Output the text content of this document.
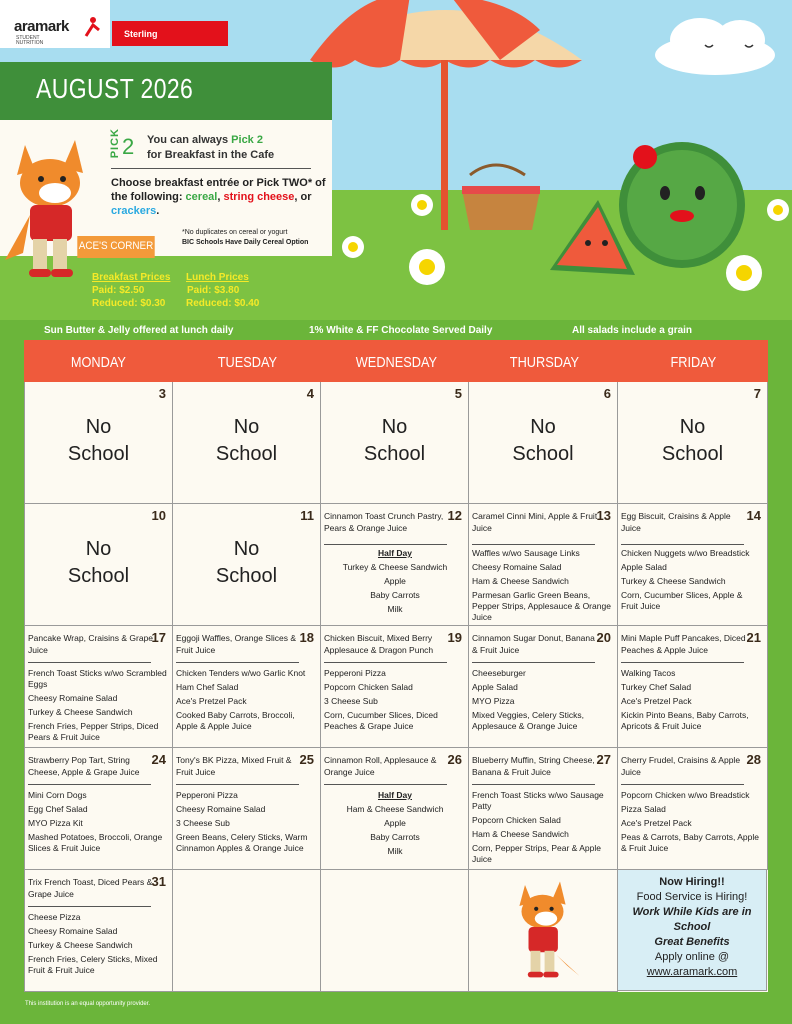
aramark
STUDENT
NUTRITION
Sterling
AUGUST 2026
PICK 2 You can always Pick 2
for Breakfast in the Cafe
Choose breakfast entrée or Pick TWO* of the following: cereal, string cheese, or crackers.
*No duplicates on cereal or yogurt
BIC Schools Have Daily Cereal Option
ACE'S CORNER
Breakfast Prices
Paid: $2.50
Reduced: $0.30
Lunch Prices
Paid: $3.80
Reduced: $0.40
Sun Butter & Jelly offered at lunch daily	1% White & FF Chocolate Served Daily	All salads include a grain
MONDAY	TUESDAY	WEDNESDAY	THURSDAY	FRIDAY
3
No
School
4
No
School
5
No
School
6
No
School
7
No
School
10
No
School
11
No
School
12
Cinnamon Toast Crunch Pastry, Pears & Orange Juice
Half Day
Turkey & Cheese Sandwich
Apple
Baby Carrots
Milk
13
Caramel Cinni Mini, Apple & Fruit Juice
Waffles w/wo Sausage Links
Cheesy Romaine Salad
Ham & Cheese Sandwich
Parmesan Garlic Green Beans, Pepper Strips, Applesauce & Orange Juice
14
Egg Biscuit, Craisins & Apple Juice
Chicken Nuggets w/wo Breadstick
Apple Salad
Turkey & Cheese Sandwich
Corn, Cucumber Slices, Apple & Fruit Juice
17
Pancake Wrap, Craisins & Grape Juice
French Toast Sticks w/wo Scrambled Eggs
Cheesy Romaine Salad
Turkey & Cheese Sandwich
French Fries, Pepper Strips, Diced Pears & Fruit Juice
18
Eggoji Waffles, Orange Slices & Fruit Juice
Chicken Tenders w/wo Garlic Knot
Ham Chef Salad
Ace's Pretzel Pack
Cooked Baby Carrots, Broccoli, Apple & Apple Juice
19
Chicken Biscuit, Mixed Berry Applesauce & Dragon Punch
Pepperoni Pizza
Popcorn Chicken Salad
3 Cheese Sub
Corn, Cucumber Slices, Diced Peaches & Grape Juice
20
Cinnamon Sugar Donut, Banana & Fruit Juice
Cheeseburger
Apple Salad
MYO Pizza
Mixed Veggies, Celery Sticks, Applesauce & Orange Juice
21
Mini Maple Puff Pancakes, Diced Peaches & Apple Juice
Walking Tacos
Turkey Chef Salad
Ace's Pretzel Pack
Kickin Pinto Beans, Baby Carrots, Apricots & Fruit Juice
24
Strawberry Pop Tart, String Cheese, Apple & Grape Juice
Mini Corn Dogs
Egg Chef Salad
MYO Pizza Kit
Mashed Potatoes, Broccoli, Orange Slices & Fruit Juice
25
Tony's BK Pizza, Mixed Fruit & Fruit Juice
Pepperoni Pizza
Cheesy Romaine Salad
3 Cheese Sub
Green Beans, Celery Sticks, Warm Cinnamon Apples & Orange Juice
26
Cinnamon Roll, Applesauce & Orange Juice
Half Day
Ham & Cheese Sandwich
Apple
Baby Carrots
Milk
27
Blueberry Muffin, String Cheese, Banana & Fruit Juice
French Toast Sticks w/wo Sausage Patty
Popcorn Chicken Salad
Ham & Cheese Sandwich
Corn, Pepper Strips, Pear & Apple Juice
28
Cherry Frudel, Craisins & Apple Juice
Popcorn Chicken w/wo Breadstick
Pizza Salad
Ace's Pretzel Pack
Peas & Carrots, Baby Carrots, Apple & Fruit Juice
31
Trix French Toast, Diced Pears & Grape Juice
Cheese Pizza
Cheesy Romaine Salad
Turkey & Cheese Sandwich
French Fries, Celery Sticks, Mixed Fruit & Fruit Juice
Now Hiring!!
Food Service is Hiring!
Work While Kids are in School
Great Benefits
Apply online @
www.aramark.com
This institution is an equal opportunity provider.
